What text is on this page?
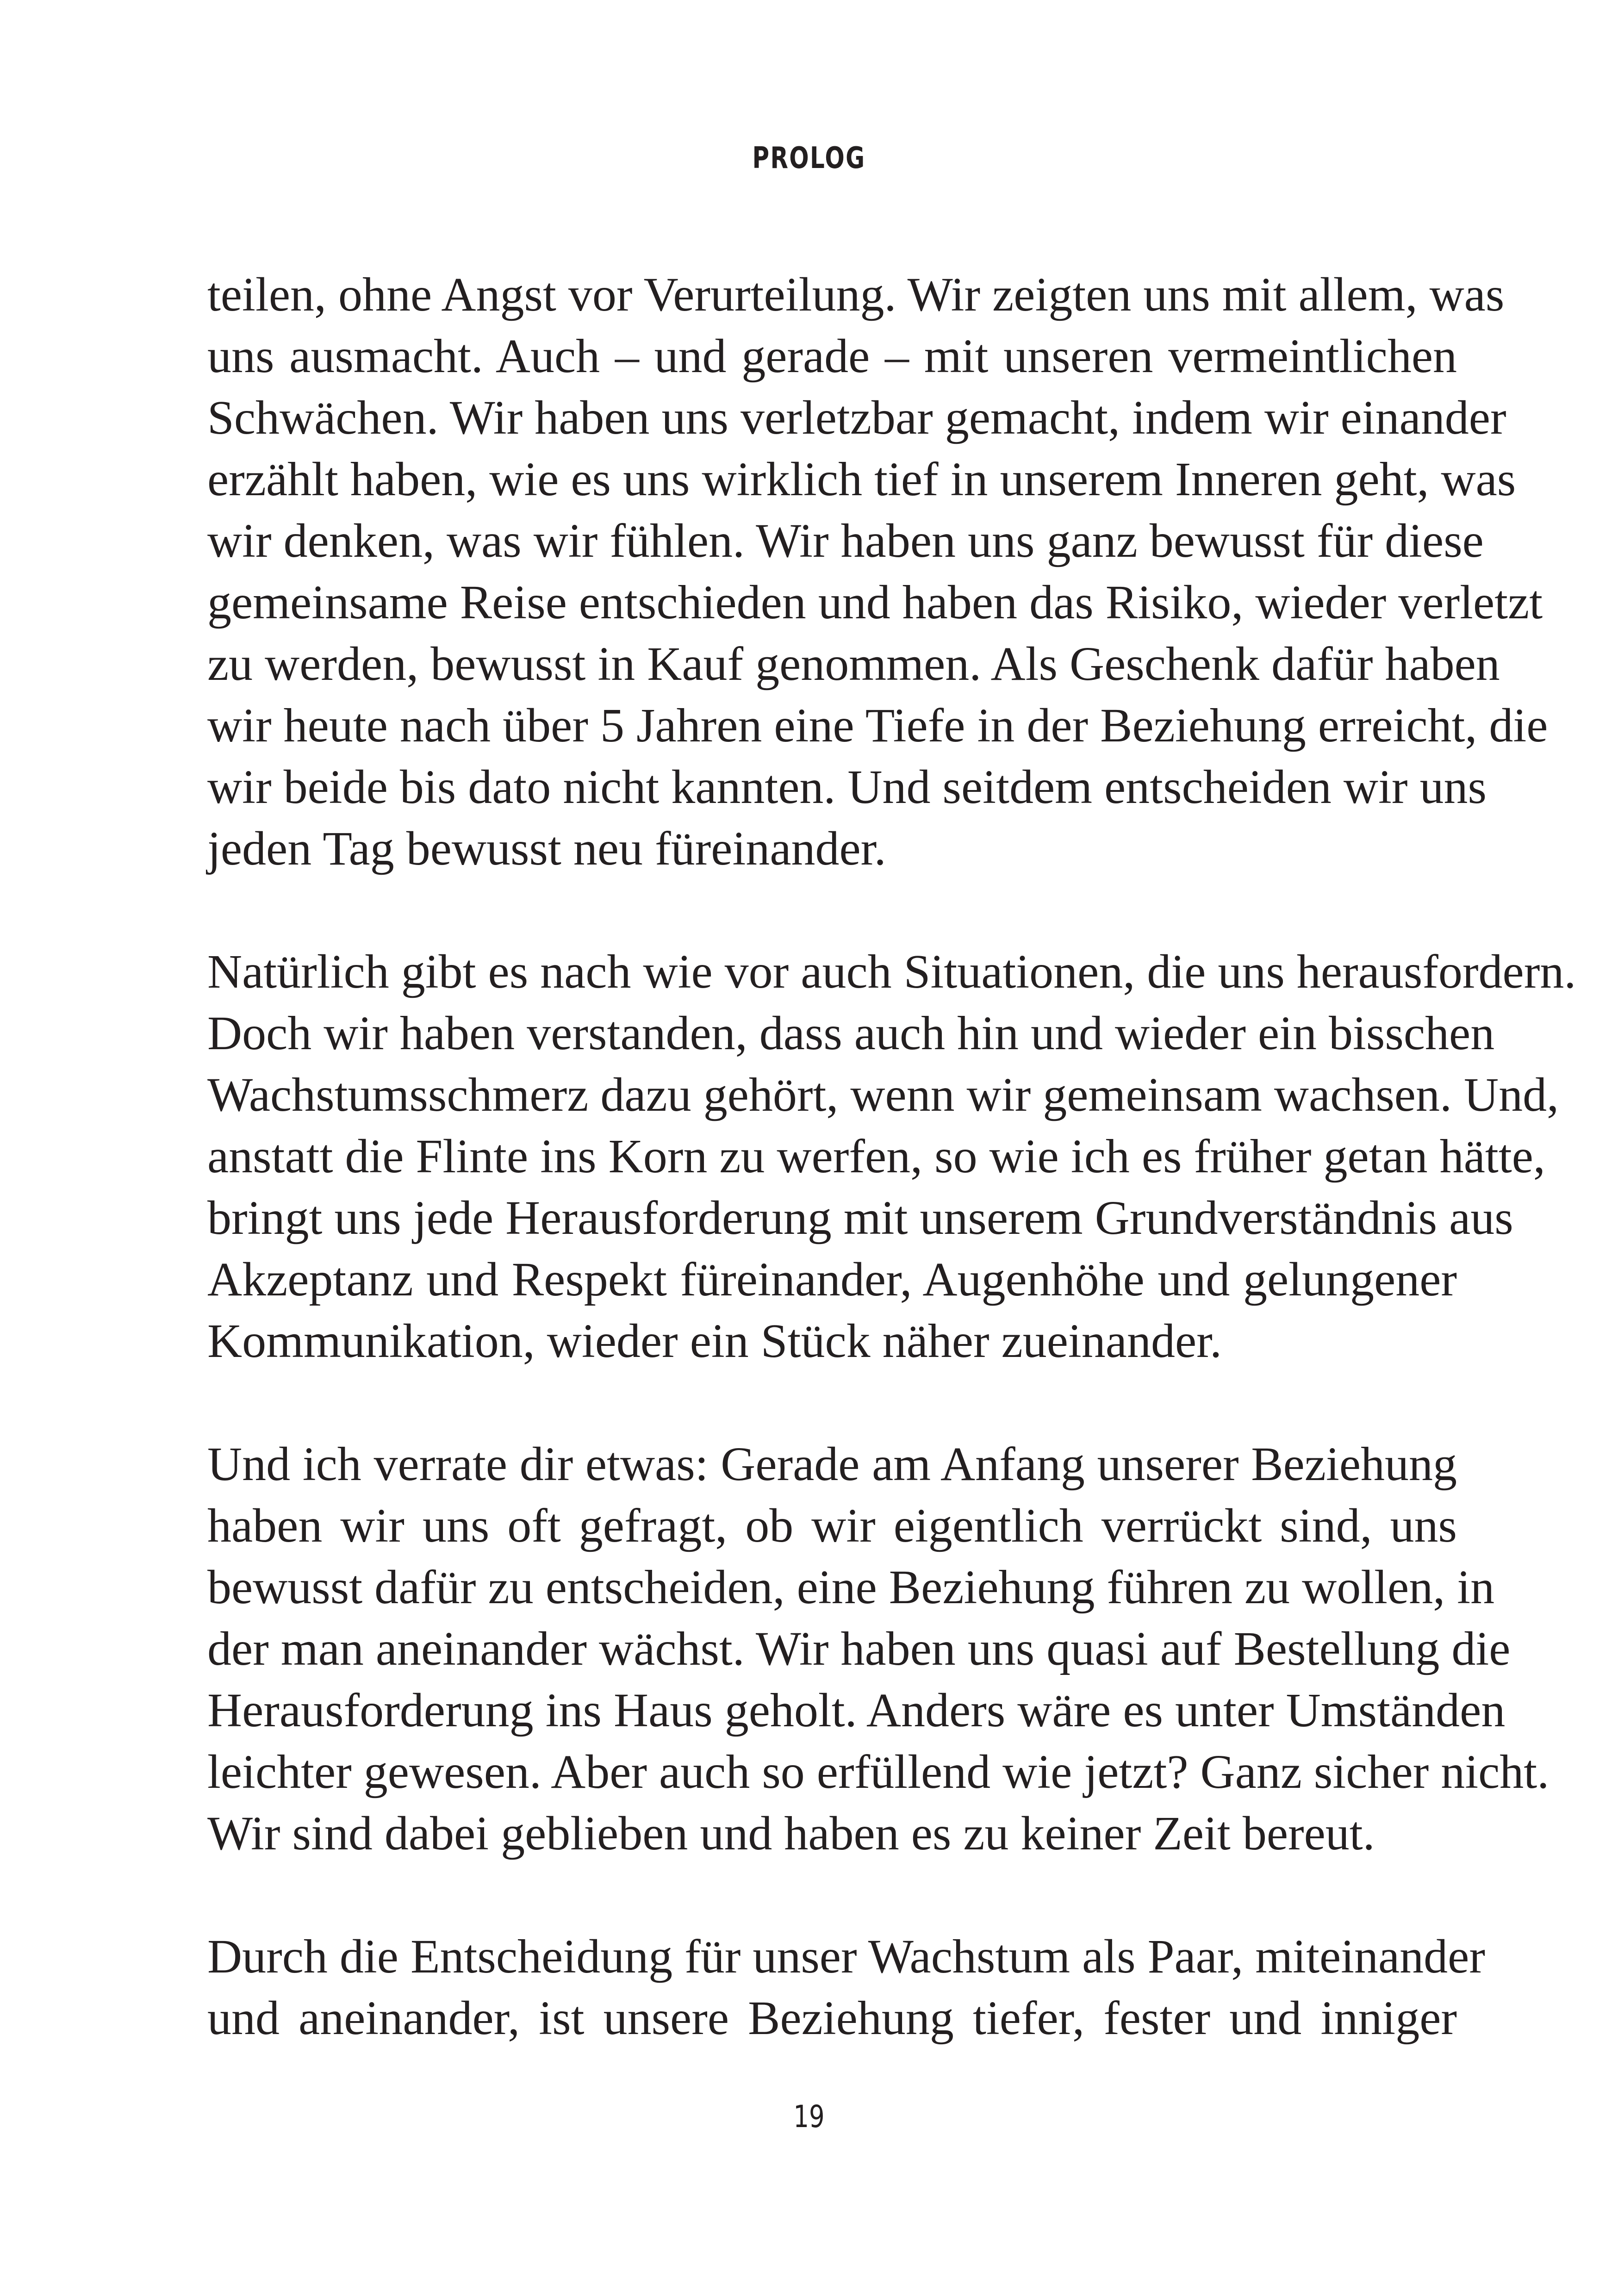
PROLOG

teilen, ohne Angst vor Verurteilung. Wir zeigten uns mit allem, was
uns ausmacht. Auch – und gerade – mit unseren vermeintlichen
Schwächen. Wir haben uns verletzbar gemacht, indem wir einander
erzählt haben, wie es uns wirklich tief in unserem Inneren geht, was
wir denken, was wir fühlen. Wir haben uns ganz bewusst für diese
gemeinsame Reise entschieden und haben das Risiko, wieder verletzt
zu werden, bewusst in Kauf genommen. Als Geschenk dafür haben
wir heute nach über 5 Jahren eine Tiefe in der Beziehung erreicht, die
wir beide bis dato nicht kannten. Und seitdem entscheiden wir uns
jeden Tag bewusst neu füreinander.

Natürlich gibt es nach wie vor auch Situationen, die uns herausfordern.
Doch wir haben verstanden, dass auch hin und wieder ein bisschen
Wachstumsschmerz dazu gehört, wenn wir gemeinsam wachsen. Und,
anstatt die Flinte ins Korn zu werfen, so wie ich es früher getan hätte,
bringt uns jede Herausforderung mit unserem Grundverständnis aus
Akzeptanz und Respekt füreinander, Augenhöhe und gelungener
Kommunikation, wieder ein Stück näher zueinander.

Und ich verrate dir etwas: Gerade am Anfang unserer Beziehung
haben wir uns oft gefragt, ob wir eigentlich verrückt sind, uns
bewusst dafür zu entscheiden, eine Beziehung führen zu wollen, in
der man aneinander wächst. Wir haben uns quasi auf Bestellung die
Herausforderung ins Haus geholt. Anders wäre es unter Umständen
leichter gewesen. Aber auch so erfüllend wie jetzt? Ganz sicher nicht.
Wir sind dabei geblieben und haben es zu keiner Zeit bereut.

Durch die Entscheidung für unser Wachstum als Paar, miteinander
und aneinander, ist unsere Beziehung tiefer, fester und inniger

19
